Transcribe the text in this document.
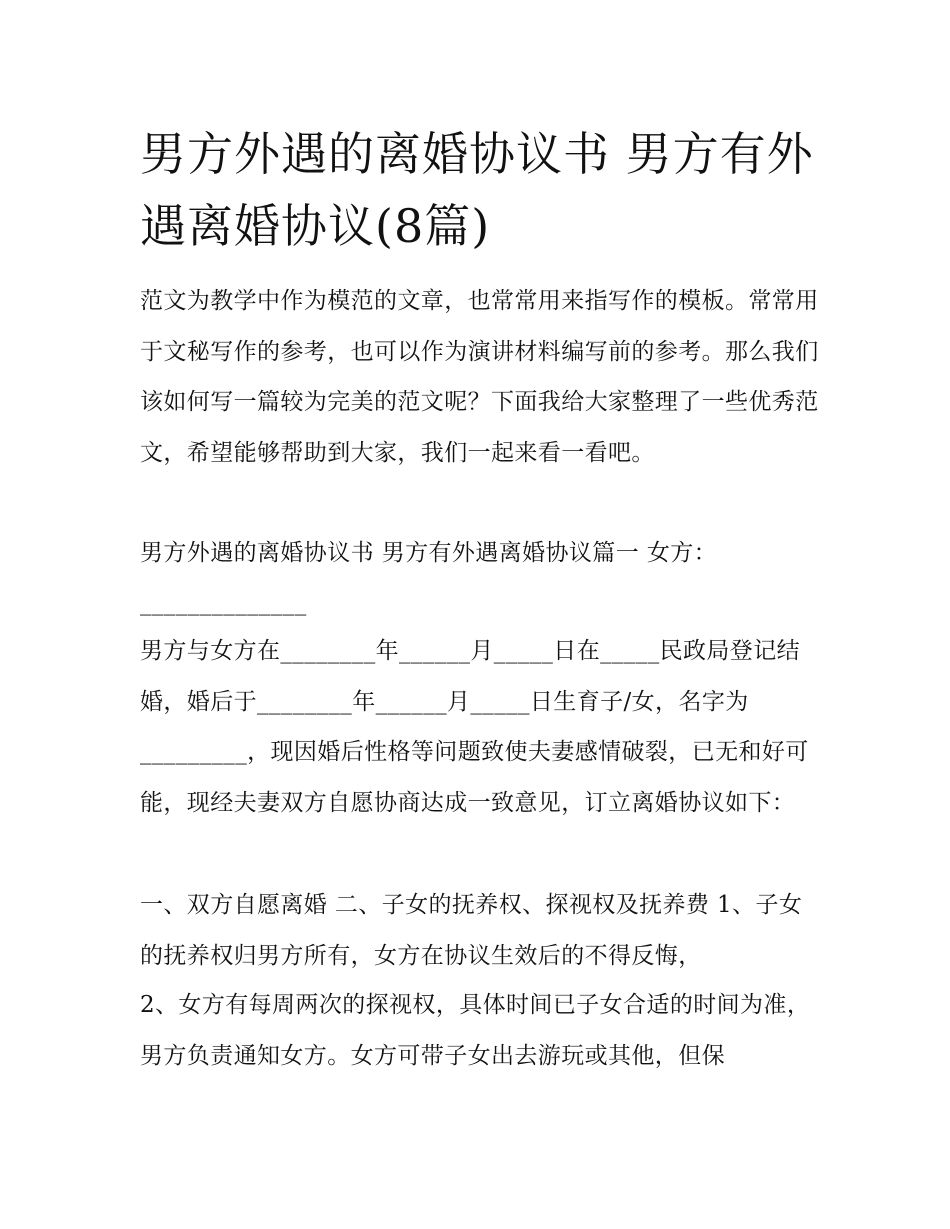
男方外遇的离婚协议书 男方有外遇离婚协议(8篇)

范文为教学中作为模范的文章，也常常用来指写作的模板。常常用于文秘写作的参考，也可以作为演讲材料编写前的参考。那么我们该如何写一篇较为完美的范文呢？下面我给大家整理了一些优秀范文，希望能够帮助到大家，我们一起来看一看吧。

男方外遇的离婚协议书 男方有外遇离婚协议篇一 女方：

______________

男方与女方在________年______月_____日在_____民政局登记结婚，婚后于________年______月_____日生育子/女，名字为_________，现因婚后性格等问题致使夫妻感情破裂，已无和好可能，现经夫妻双方自愿协商达成一致意见，订立离婚协议如下：

一、双方自愿离婚 二、子女的抚养权、探视权及抚养费 1、子女的抚养权归男方所有，女方在协议生效后的不得反悔，

2、女方有每周两次的探视权，具体时间已子女合适的时间为准，男方负责通知女方。女方可带子女出去游玩或其他，但保
